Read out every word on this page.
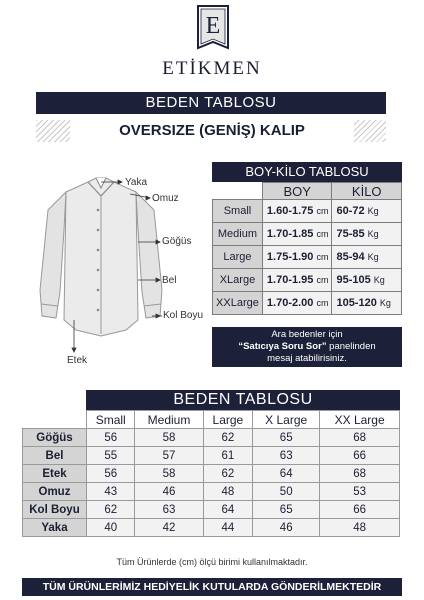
E
ETİKMEN
BEDEN TABLOSU
OVERSIZE (GENİŞ) KALIP
Yaka
Omuz
Göğüs
Bel
Kol Boyu
Etek
BOY-KİLO TABLOSU
	BOY	KİLO
Small	1.60-1.75 cm	60-72 Kg
Medium	1.70-1.85 cm	75-85 Kg
Large	1.75-1.90 cm	85-94 Kg
XLarge	1.70-1.95 cm	95-105 Kg
XXLarge	1.70-2.00 cm	105-120 Kg
Ara bedenler için
“Satıcıya Soru Sor” panelinden
mesaj atabilirisiniz.
BEDEN TABLOSU
	Small	Medium	Large	X Large	XX Large
Göğüs	56	58	62	65	68
Bel	55	57	61	63	66
Etek	56	58	62	64	68
Omuz	43	46	48	50	53
Kol Boyu	62	63	64	65	66
Yaka	40	42	44	46	48
Tüm Ürünlerde (cm) ölçü birimi kullanılmaktadır.
TÜM ÜRÜNLERİMİZ HEDİYELİK KUTULARDA GÖNDERİLMEKTEDİR
